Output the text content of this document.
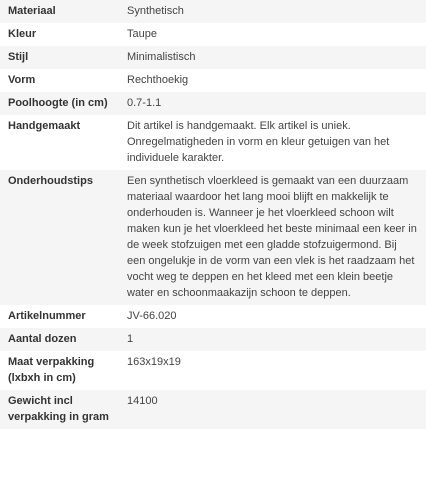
Materiaal	Synthetisch
Kleur	Taupe
Stijl	Minimalistisch
Vorm	Rechthoekig
Poolhoogte (in cm)	0.7-1.1
Handgemaakt	Dit artikel is handgemaakt. Elk artikel is uniek. Onregelmatigheden in vorm en kleur getuigen van het individuele karakter.
Onderhoudstips	Een synthetisch vloerkleed is gemaakt van een duurzaam materiaal waardoor het lang mooi blijft en makkelijk te onderhouden is. Wanneer je het vloerkleed schoon wilt maken kun je het vloerkleed het beste minimaal een keer in de week stofzuigen met een gladde stofzuigermond. Bij een ongelukje in de vorm van een vlek is het raadzaam het vocht weg te deppen en het kleed met een klein beetje water en schoonmaakazijn schoon te deppen.
Artikelnummer	JV-66.020
Aantal dozen	1
Maat verpakking (lxbxh in cm)	163x19x19
Gewicht incl verpakking in gram	14100
